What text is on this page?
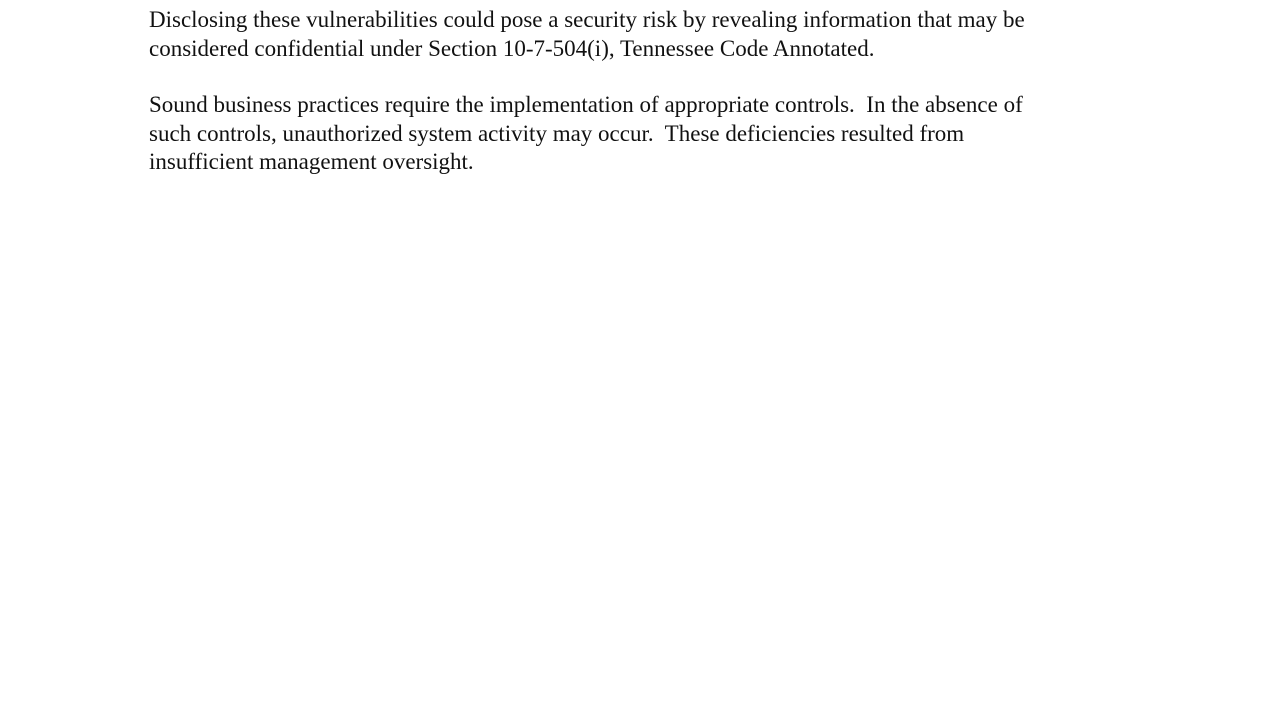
Disclosing these vulnerabilities could pose a security risk by revealing information that may be
considered confidential under Section 10-7-504(i), Tennessee Code Annotated.
Sound business practices require the implementation of appropriate controls.  In the absence of
such controls, unauthorized system activity may occur.  These deficiencies resulted from
insufficient management oversight.
